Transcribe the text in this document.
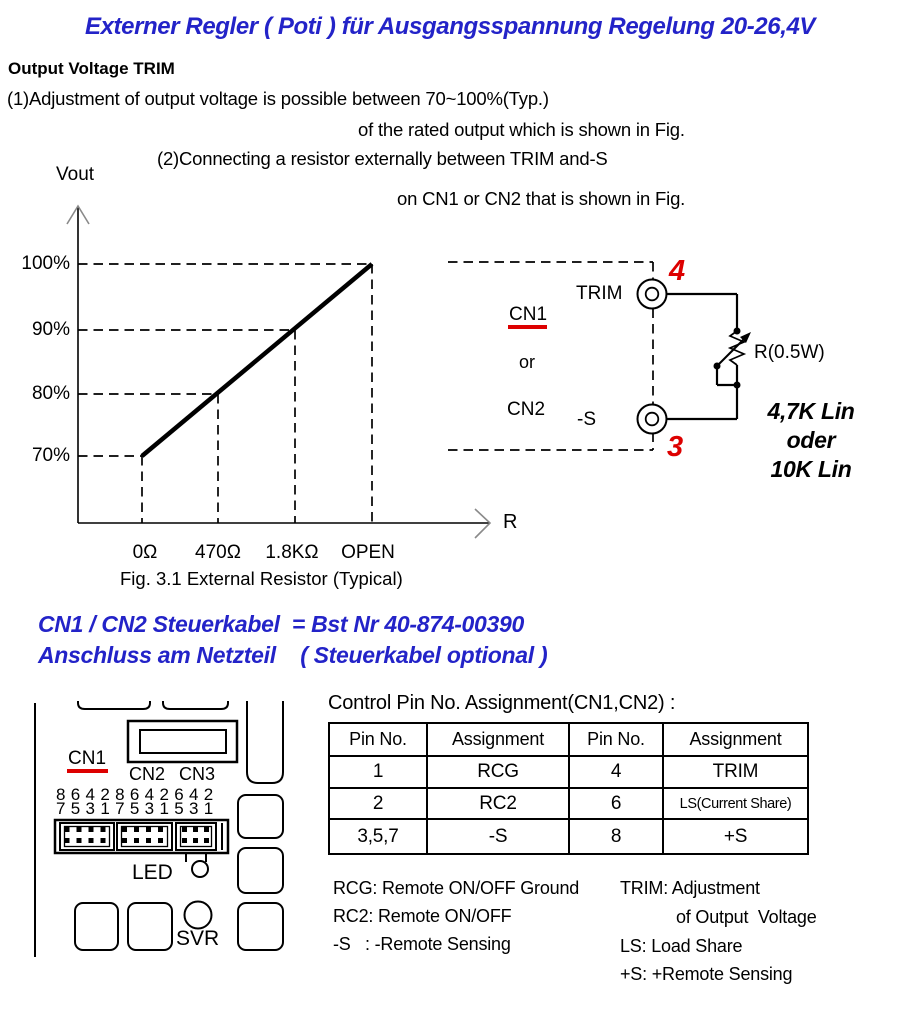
Externer Regler ( Poti ) für Ausgangsspannung Regelung 20-26,4V
Output Voltage TRIM
(1)Adjustment of output voltage is possible between 70~100%(Typ.)
of the rated output which is shown in Fig.
(2)Connecting a resistor externally between TRIM and-S
on CN1 or CN2 that is shown in Fig.
Vout
100%
90%
80%
70%
0Ω	470Ω	1.8KΩ	OPEN
R
Fig. 3.1 External Resistor (Typical)
CN1
or
CN2
TRIM
-S
4
3
R(0.5W)
4,7K Lin
oder
10K Lin
CN1 / CN2 Steuerkabel  = Bst Nr 40-874-00390
Anschluss am Netzteil    ( Steuerkabel optional )
CN1
CN2 CN3
8 6 4 2 8 6 4 2 6 4 2
7 5 3 1 7 5 3 1 5 3 1
LED
SVR
Control Pin No. Assignment(CN1,CN2) :
Pin No.	Assignment	Pin No.	Assignment
1	RCG	4	TRIM
2	RC2	6	LS(Current Share)
3,5,7	-S	8	+S
RCG: Remote ON/OFF Ground
RC2: Remote ON/OFF
-S   : -Remote Sensing
TRIM: Adjustment
of Output  Voltage
LS: Load Share
+S: +Remote Sensing
